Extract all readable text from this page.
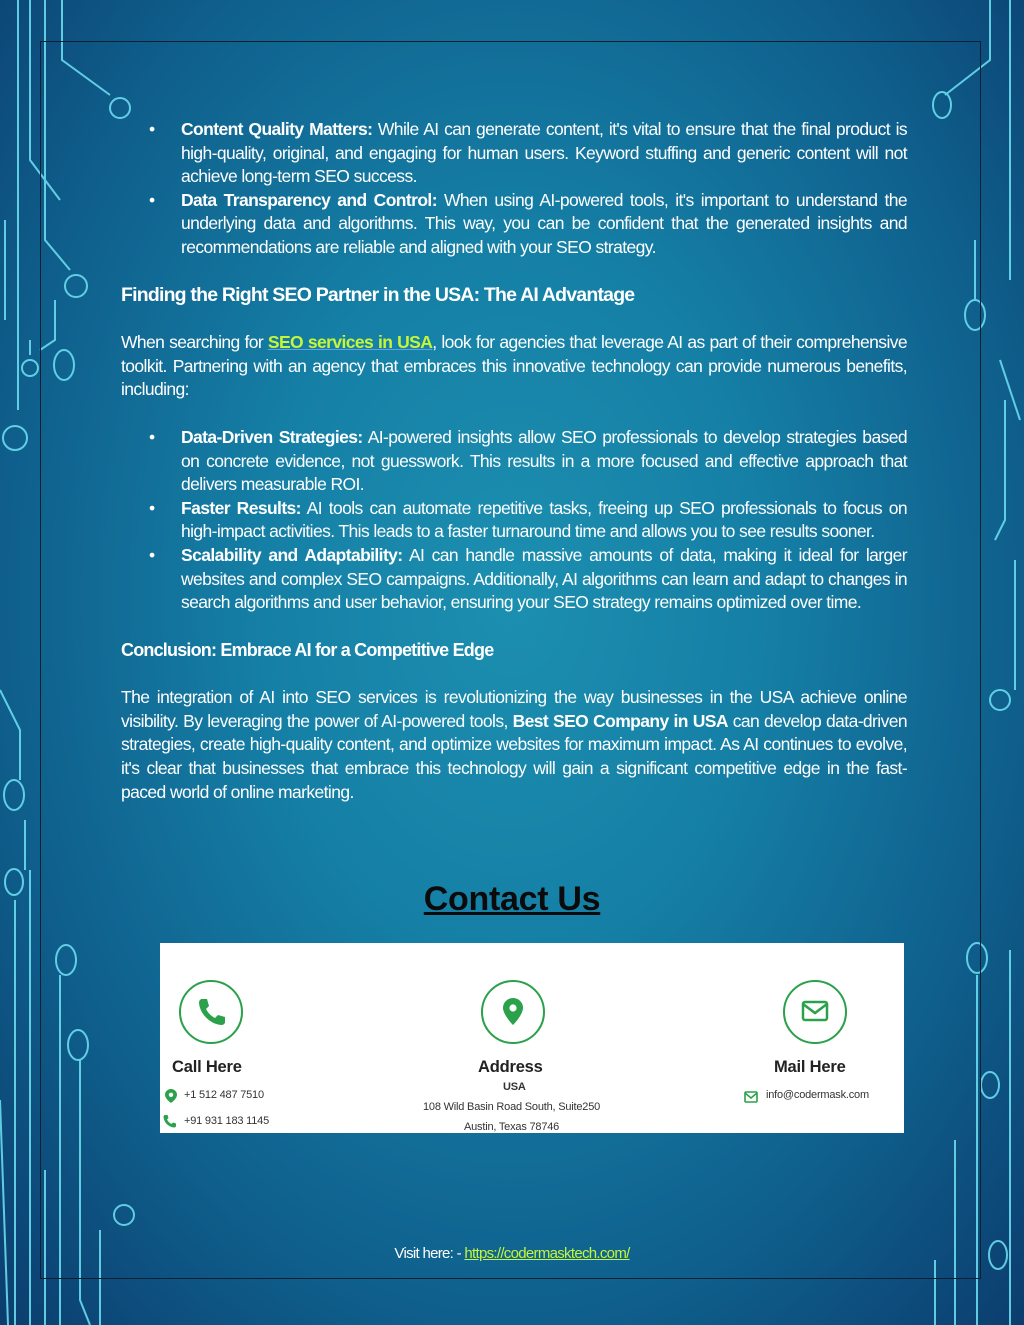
• Content Quality Matters: While AI can generate content, it's vital to ensure that the final product is high-quality, original, and engaging for human users. Keyword stuffing and generic content will not achieve long-term SEO success.
• Data Transparency and Control: When using AI-powered tools, it's important to understand the underlying data and algorithms. This way, you can be confident that the generated insights and recommendations are reliable and aligned with your SEO strategy.

Finding the Right SEO Partner in the USA: The AI Advantage

When searching for SEO services in USA, look for agencies that leverage AI as part of their comprehensive toolkit. Partnering with an agency that embraces this innovative technology can provide numerous benefits, including:

• Data-Driven Strategies: AI-powered insights allow SEO professionals to develop strategies based on concrete evidence, not guesswork. This results in a more focused and effective approach that delivers measurable ROI.
• Faster Results: AI tools can automate repetitive tasks, freeing up SEO professionals to focus on high-impact activities. This leads to a faster turnaround time and allows you to see results sooner.
• Scalability and Adaptability: AI can handle massive amounts of data, making it ideal for larger websites and complex SEO campaigns. Additionally, AI algorithms can learn and adapt to changes in search algorithms and user behavior, ensuring your SEO strategy remains optimized over time.

Conclusion: Embrace AI for a Competitive Edge

The integration of AI into SEO services is revolutionizing the way businesses in the USA achieve online visibility. By leveraging the power of AI-powered tools, Best SEO Company in USA can develop data-driven strategies, create high-quality content, and optimize websites for maximum impact. As AI continues to evolve, it's clear that businesses that embrace this technology will gain a significant competitive edge in the fast-paced world of online marketing.

Contact Us
Call Here
+1 512 487 7510
+91 931 183 1145
Address
USA
108 Wild Basin Road South, Suite250
Austin, Texas 78746
Mail Here
info@codermask.com
Visit here: - https://codermasktech.com/
